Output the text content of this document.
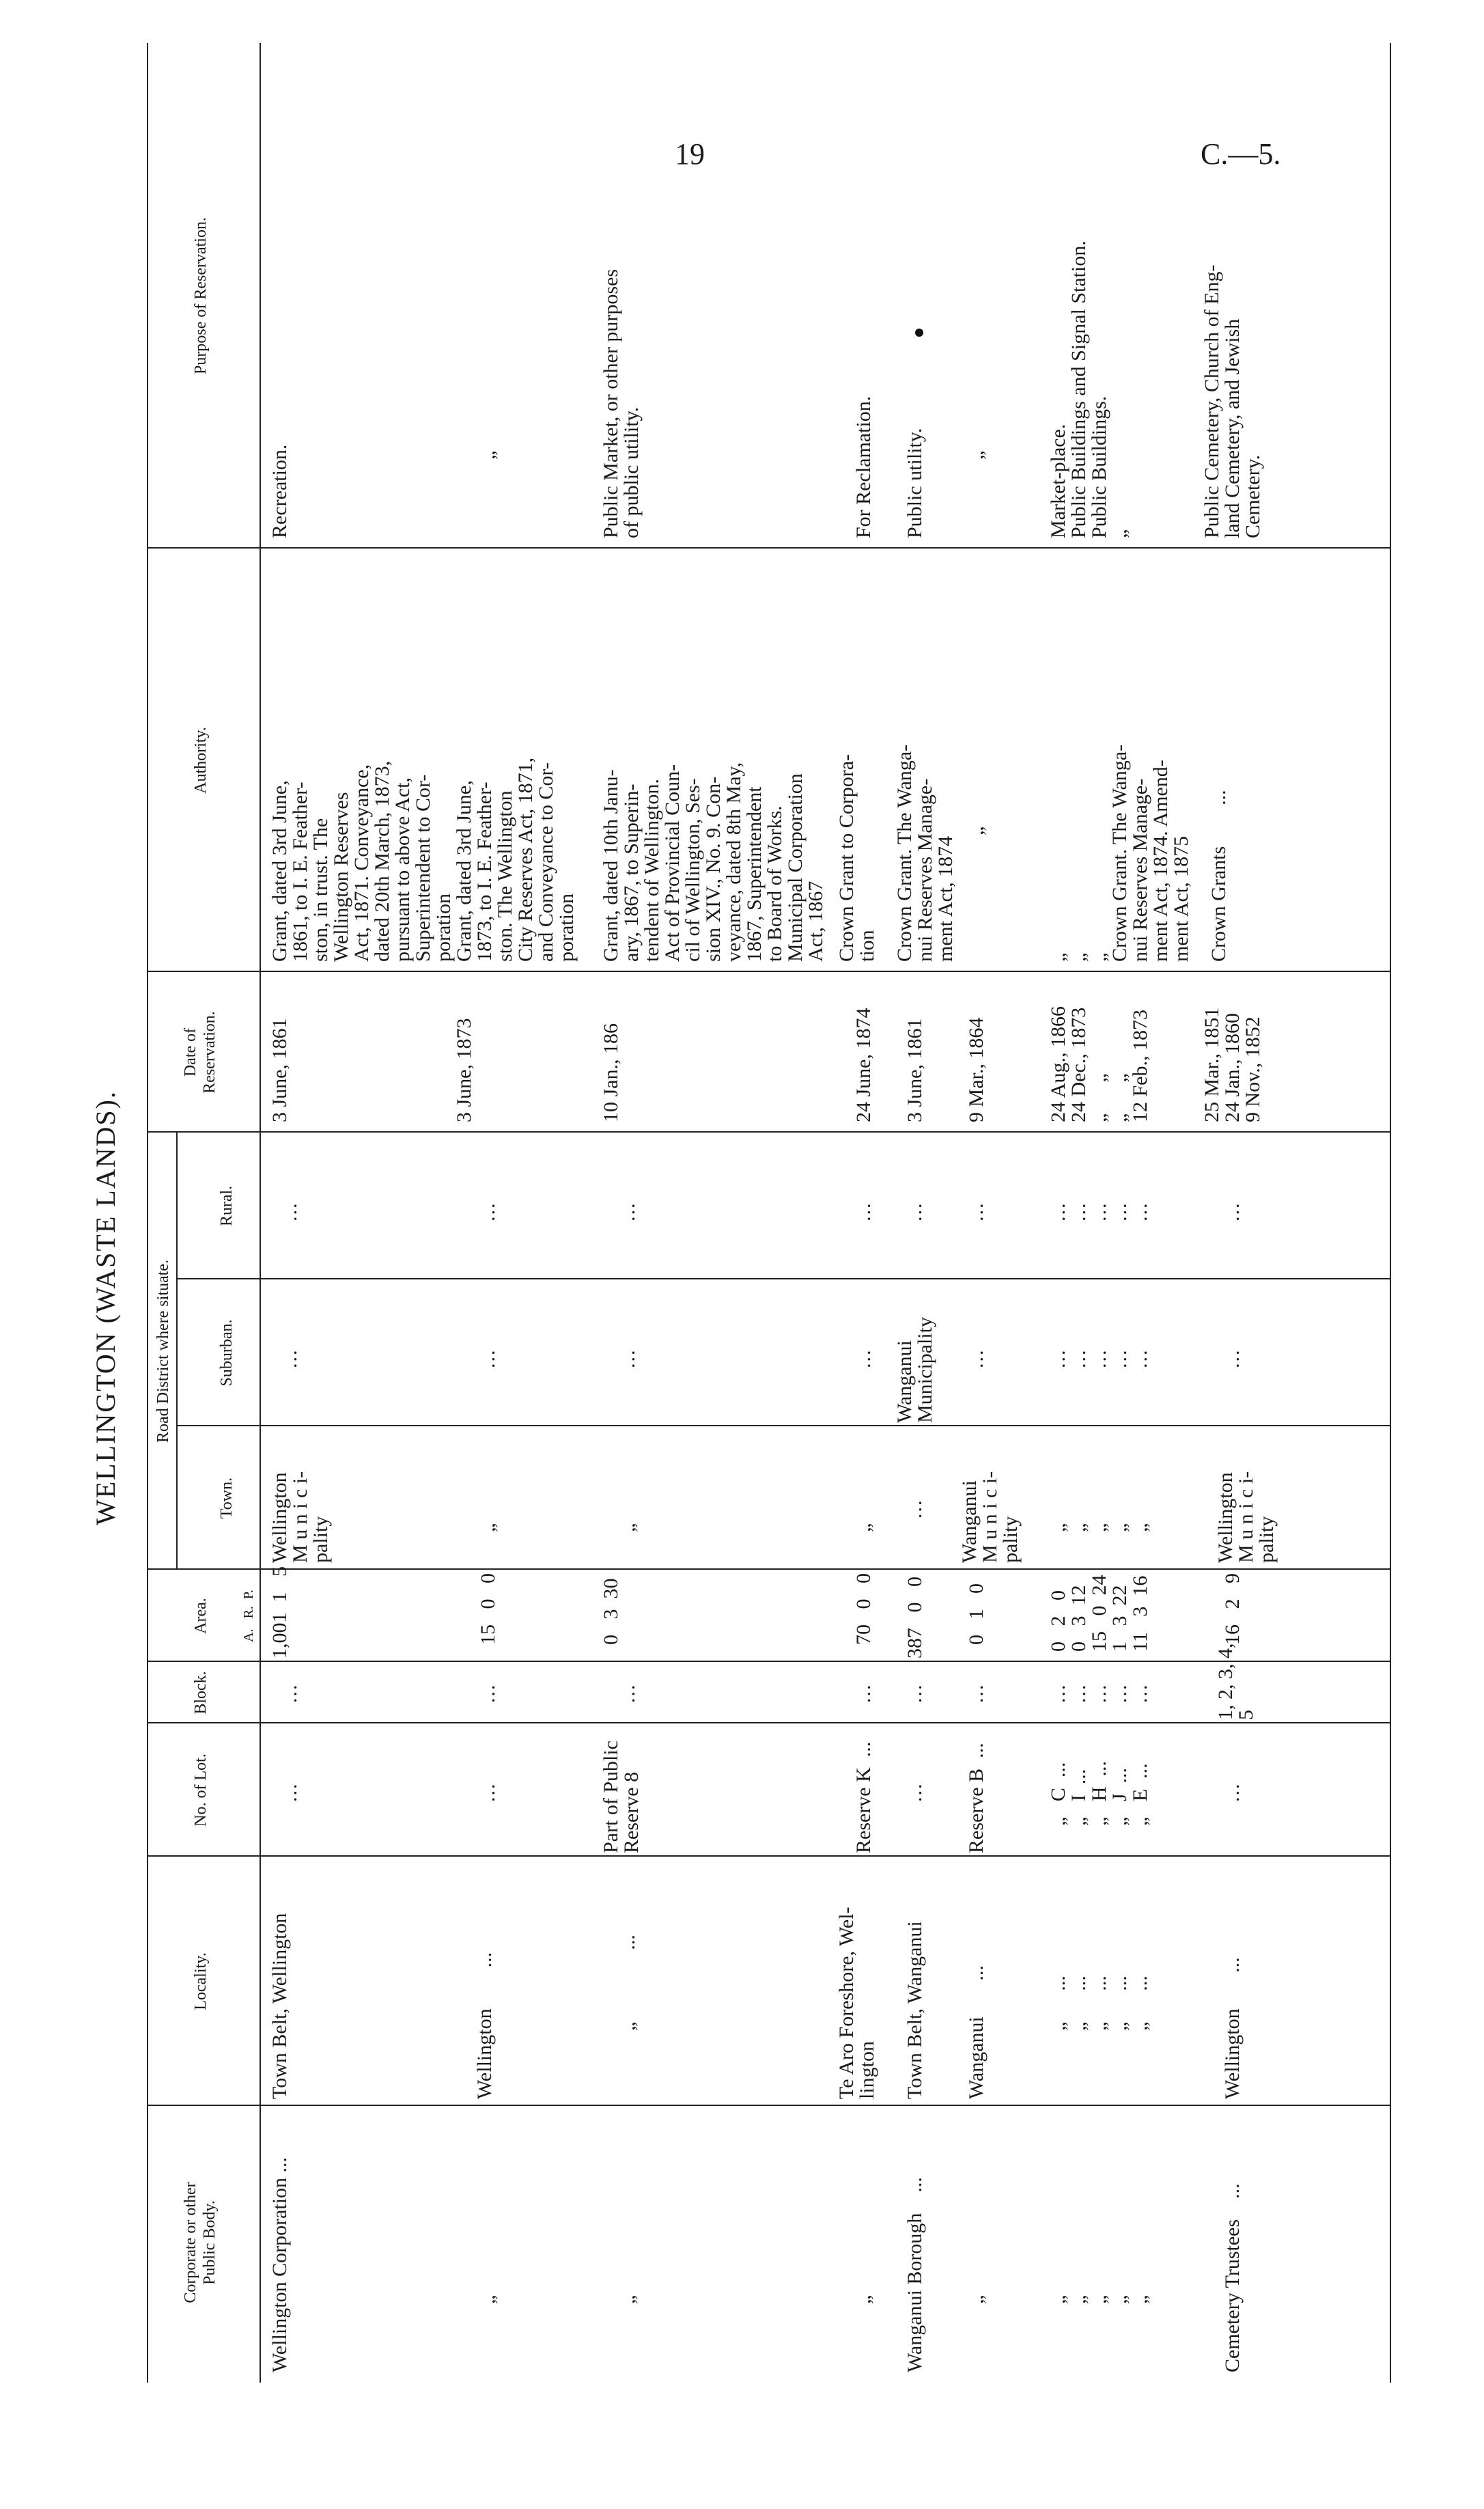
19	C.—5.
WELLINGTON (WASTE LANDS).
Corporate or other
Public Body.
Locality.
No. of Lot.
Block.
Area. A.   R.  P.
Road District where situate.
Town.
Suburban.
Rural.
Date of
Reservation.
Authority.
Purpose of Reservation.
Wellington Corporation ...
Town Belt, Wellington
...
...
1,001  1   5
Wellington
M u n i c i-
pality
...
...
3 June, 1861
Grant, dated 3rd June,
1861, to I. E. Feather-
ston, in trust. The
Wellington Reserves
Act, 1871. Conveyance,
dated 20th March, 1873,
pursuant to above Act,
Superintendent to Cor-
poration
Recreation.
„
Wellington        ...
...
...
15   0   0
„
...
...
3 June, 1873
Grant, dated 3rd June,
1873, to I. E. Feather-
ston. The Wellington
City Reserves Act, 1871,
and Conveyance to Cor-
poration
„
„
„              ...
Part of Public
Reserve 8
...
0   3  30
„
...
...
10 Jan., 186
Grant, dated 10th Janu-
ary, 1867, to Superin-
tendent of Wellington.
Act of Provincial Coun-
cil of Wellington, Ses-
sion XIV., No. 9. Con-
veyance, dated 8th May,
1867, Superintendent
to Board of Works.
Municipal Corporation
Act, 1867
Public Market, or other purposes
of public utility.
„
Te Aro Foreshore, Wel-
lington
Reserve K  ...
...
70   0   0
„
...
...
24 June, 1874
Crown Grant to Corpora-
tion
For Reclamation.
Wanganui Borough    ...
Town Belt, Wanganui
...
...
387   0   0
...
Wanganui
Municipality
...
3 June, 1861
Crown Grant. The Wanga-
nui Reserves Manage-
ment Act, 1874
Public utility.
„
Wanganui       ...
Reserve B  ...
...
0   1   0
Wanganui
M u n i c i-
pality
...
...
9 Mar., 1864
„
„
„
„
„
„
„
„      ...
„      ...
„      ...
„      ...
„      ...
„   C  ...
„   I  ...
„   H  ...
„   J  ...
„   E  ...
...
...
...
...
...
0   2   0
0   3  12
15   0  24
1   3  22
11   3  16
„
„
„
„
„
...
...
...
...
...
...
...
...
...
...
24 Aug., 1866
24 Dec., 1873
„      „
„      „
12 Feb., 1873
„
„
„
Crown Grant. The Wanga-
nui Reserves Manage-
ment Act, 1874. Amend-
ment Act, 1875
Market-place.
Public Buildings and Signal Station.
Public Buildings.
„
Cemetery Trustees    ...
Wellington       ...
...
1, 2, 3, 4,
5
16   2   9
Wellington
M u n i c i-
pality
...
...
25 Mar., 1851
24 Jan., 1860
9 Nov., 1852
Crown Grants        ...
Public Cemetery, Church of Eng-
land Cemetery, and Jewish
Cemetery.
